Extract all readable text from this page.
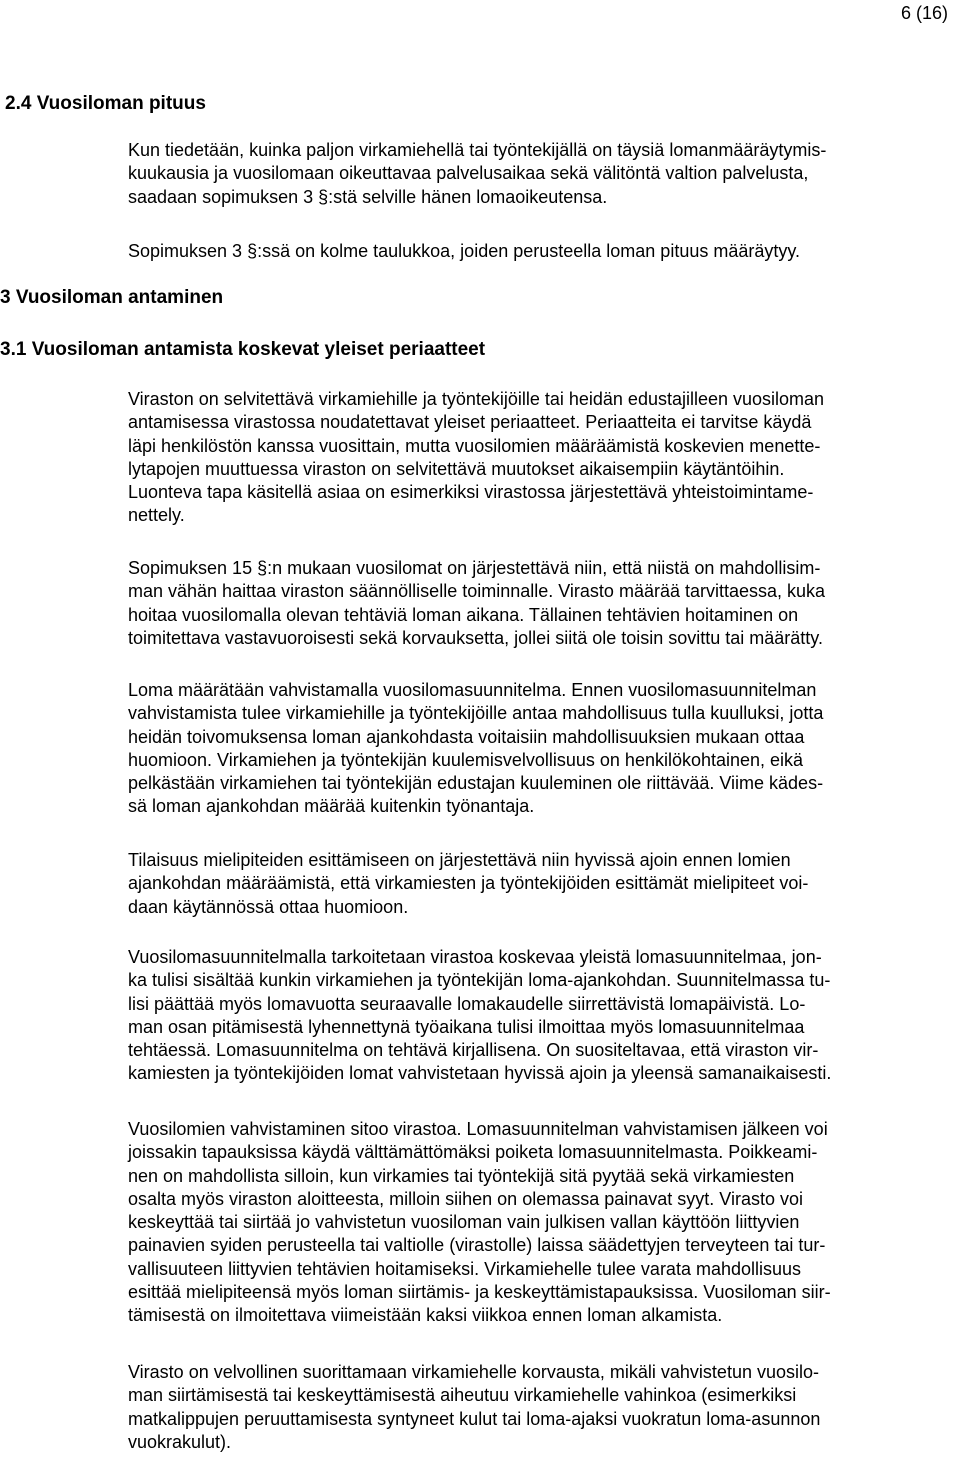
6 (16)
2.4 Vuosiloman pituus
Kun tiedetään, kuinka paljon virkamiehellä tai työntekijällä on täysiä lomanmääräytymis-
kuukausia ja vuosilomaan oikeuttavaa palvelusaikaa sekä välitöntä valtion palvelusta,
saadaan sopimuksen 3 §:stä selville hänen lomaoikeutensa.
Sopimuksen 3 §:ssä on kolme taulukkoa, joiden perusteella loman pituus määräytyy.
3 Vuosiloman antaminen
3.1 Vuosiloman antamista koskevat yleiset periaatteet
Viraston on selvitettävä virkamiehille ja työntekijöille tai heidän edustajilleen vuosiloman
antamisessa virastossa noudatettavat yleiset periaatteet. Periaatteita ei tarvitse käydä
läpi henkilöstön kanssa vuosittain, mutta vuosilomien määräämistä koskevien menette-
lytapojen muuttuessa viraston on selvitettävä muutokset aikaisempiin käytäntöihin.
Luonteva tapa käsitellä asiaa on esimerkiksi virastossa järjestettävä yhteistoimintame-
nettely.
Sopimuksen 15 §:n mukaan vuosilomat on järjestettävä niin, että niistä on mahdollisim-
man vähän haittaa viraston säännölliselle toiminnalle. Virasto määrää tarvittaessa, kuka
hoitaa vuosilomalla olevan tehtäviä loman aikana. Tällainen tehtävien hoitaminen on
toimitettava vastavuoroisesti sekä korvauksetta, jollei siitä ole toisin sovittu tai määrätty.
Loma määrätään vahvistamalla vuosilomasuunnitelma. Ennen vuosilomasuunnitelman
vahvistamista tulee virkamiehille ja työntekijöille antaa mahdollisuus tulla kuulluksi, jotta
heidän toivomuksensa loman ajankohdasta voitaisiin mahdollisuuksien mukaan ottaa
huomioon. Virkamiehen ja työntekijän kuulemisvelvollisuus on henkilökohtainen, eikä
pelkästään virkamiehen tai työntekijän edustajan kuuleminen ole riittävää. Viime kädes-
sä loman ajankohdan määrää kuitenkin työnantaja.
Tilaisuus mielipiteiden esittämiseen on järjestettävä niin hyvissä ajoin ennen lomien
ajankohdan määräämistä, että virkamiesten ja työntekijöiden esittämät mielipiteet voi-
daan käytännössä ottaa huomioon.
Vuosilomasuunnitelmalla tarkoitetaan virastoa koskevaa yleistä lomasuunnitelmaa, jon-
ka tulisi sisältää kunkin virkamiehen ja työntekijän loma-ajankohdan. Suunnitelmassa tu-
lisi päättää myös lomavuotta seuraavalle lomakaudelle siirrettävistä lomapäivistä. Lo-
man osan pitämisestä lyhennettynä työaikana tulisi ilmoittaa myös lomasuunnitelmaa
tehtäessä. Lomasuunnitelma on tehtävä kirjallisena. On suositeltavaa, että viraston vir-
kamiesten ja työntekijöiden lomat vahvistetaan hyvissä ajoin ja yleensä samanaikaisesti.
Vuosilomien vahvistaminen sitoo virastoa. Lomasuunnitelman vahvistamisen jälkeen voi
joissakin tapauksissa käydä välttämättömäksi poiketa lomasuunnitelmasta. Poikkeami-
nen on mahdollista silloin, kun virkamies tai työntekijä sitä pyytää sekä virkamiesten
osalta myös viraston aloitteesta, milloin siihen on olemassa painavat syyt. Virasto voi
keskeyttää tai siirtää jo vahvistetun vuosiloman vain julkisen vallan käyttöön liittyvien
painavien syiden perusteella tai valtiolle (virastolle) laissa säädettyjen terveyteen tai tur-
vallisuuteen liittyvien tehtävien hoitamiseksi. Virkamiehelle tulee varata mahdollisuus
esittää mielipiteensä myös loman siirtämis- ja keskeyttämistapauksissa. Vuosiloman siir-
tämisestä on ilmoitettava viimeistään kaksi viikkoa ennen loman alkamista.
Virasto on velvollinen suorittamaan virkamiehelle korvausta, mikäli vahvistetun vuosilo-
man siirtämisestä tai keskeyttämisestä aiheutuu virkamiehelle vahinkoa (esimerkiksi
matkalippujen peruuttamisesta syntyneet kulut tai loma-ajaksi vuokratun loma-asunnon
vuokrakulut).
